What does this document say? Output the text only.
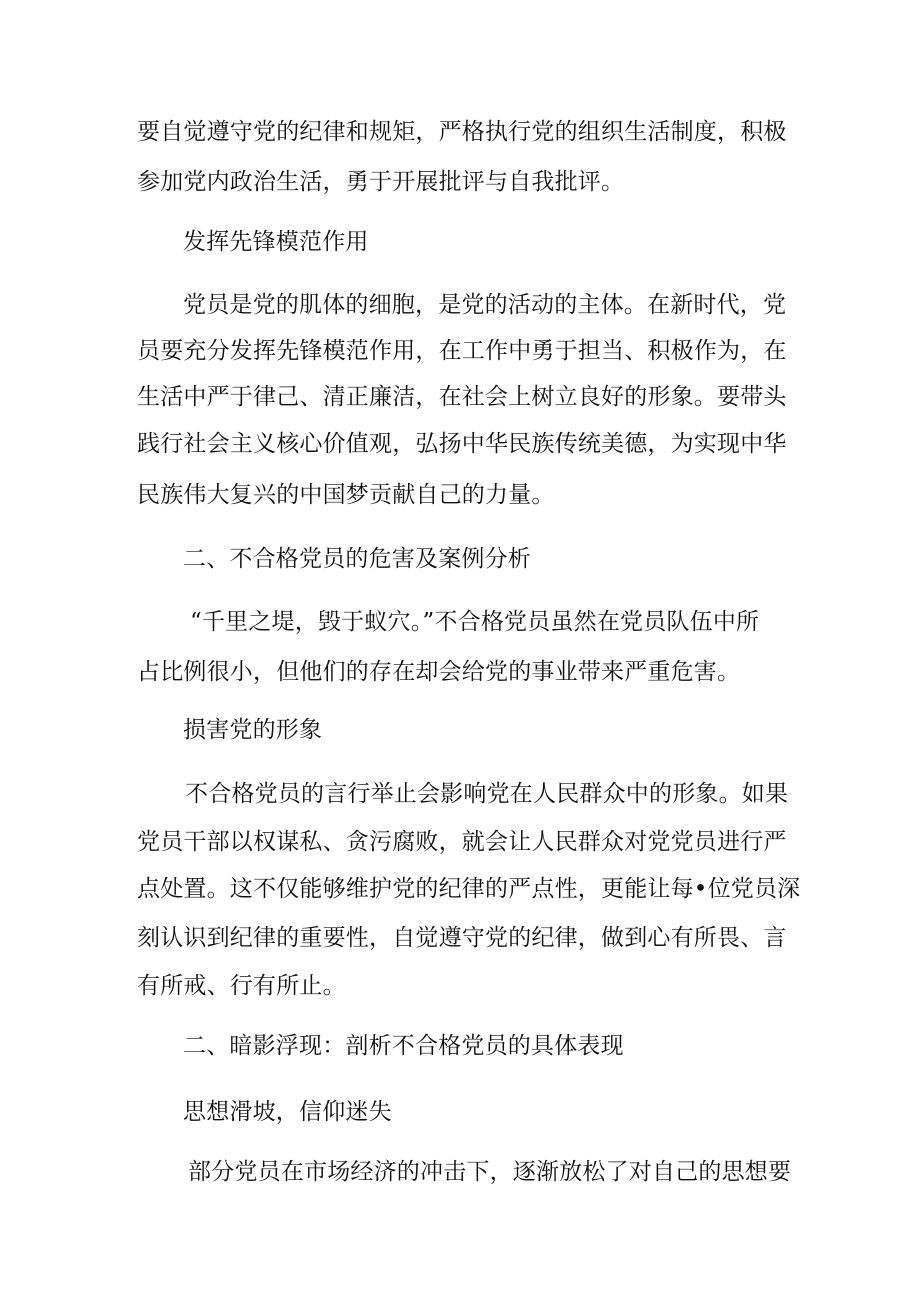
要自觉遵守党的纪律和规矩，严格执行党的组织生活制度，积极
参加党内政治生活，勇于开展批评与自我批评。
发挥先锋模范作用
党员是党的肌体的细胞，是党的活动的主体。在新时代，党
员要充分发挥先锋模范作用，在工作中勇于担当、积极作为，在
生活中严于律己、清正廉洁，在社会上树立良好的形象。要带头
践行社会主义核心价值观，弘扬中华民族传统美德，为实现中华
民族伟大复兴的中国梦贡献自己的力量。
二、不合格党员的危害及案例分析
“千里之堤，毁于蚁穴。”不合格党员虽然在党员队伍中所
占比例很小，但他们的存在却会给党的事业带来严重危害。
损害党的形象
不合格党员的言行举止会影响党在人民群众中的形象。如果
党员干部以权谋私、贪污腐败，就会让人民群众对党党员进行严
点处置。这不仅能够维护党的纪律的严点性，更能让每•位党员深
刻认识到纪律的重要性，自觉遵守党的纪律，做到心有所畏、言
有所戒、行有所止。
二、暗影浮现：剖析不合格党员的具体表现
思想滑坡，信仰迷失
部分党员在市场经济的冲击下，逐渐放松了对自己的思想要
